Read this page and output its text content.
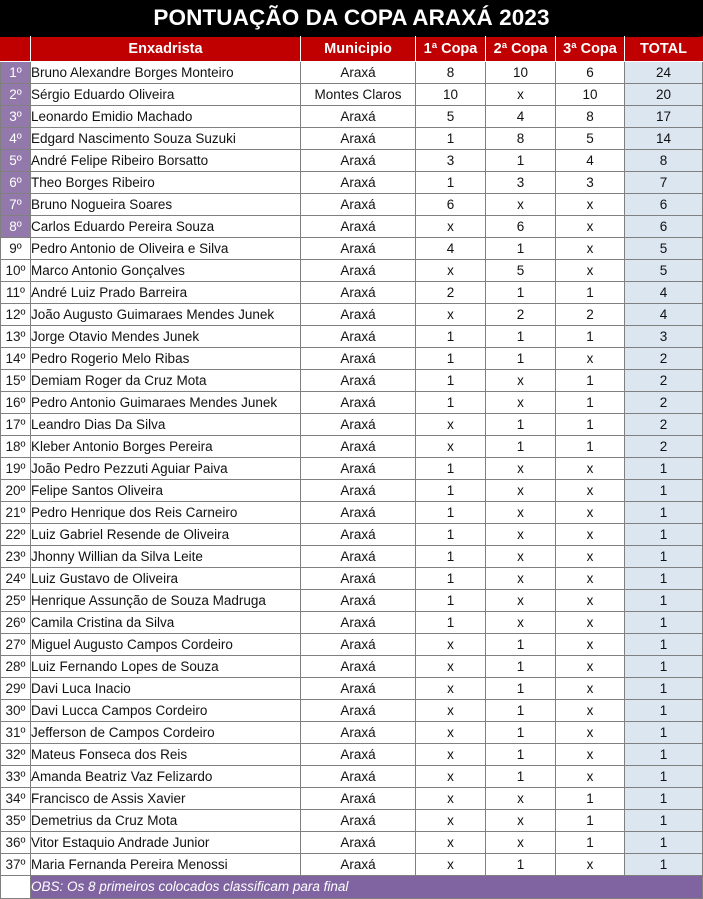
PONTUAÇÃO DA COPA ARAXÁ 2023
	Enxadrista	Municipio	1ª Copa	2ª Copa	3ª Copa	TOTAL
1º	Bruno Alexandre Borges Monteiro	Araxá	8	10	6	24
2º	Sérgio Eduardo Oliveira	Montes Claros	10	x	10	20
3º	Leonardo Emidio Machado	Araxá	5	4	8	17
4º	Edgard Nascimento Souza Suzuki	Araxá	1	8	5	14
5º	André Felipe Ribeiro Borsatto	Araxá	3	1	4	8
6º	Theo Borges Ribeiro	Araxá	1	3	3	7
7º	Bruno Nogueira Soares	Araxá	6	x	x	6
8º	Carlos Eduardo Pereira Souza	Araxá	x	6	x	6
9º	Pedro Antonio de Oliveira e Silva	Araxá	4	1	x	5
10º	Marco Antonio Gonçalves	Araxá	x	5	x	5
11º	André Luiz Prado Barreira	Araxá	2	1	1	4
12º	João Augusto Guimaraes Mendes Junek	Araxá	x	2	2	4
13º	Jorge Otavio Mendes Junek	Araxá	1	1	1	3
14º	Pedro Rogerio Melo Ribas	Araxá	1	1	x	2
15º	Demiam Roger da Cruz Mota	Araxá	1	x	1	2
16º	Pedro Antonio Guimaraes Mendes Junek	Araxá	1	x	1	2
17º	Leandro Dias Da Silva	Araxá	x	1	1	2
18º	Kleber Antonio Borges Pereira	Araxá	x	1	1	2
19º	João Pedro Pezzuti Aguiar Paiva	Araxá	1	x	x	1
20º	Felipe Santos Oliveira	Araxá	1	x	x	1
21º	Pedro Henrique dos Reis Carneiro	Araxá	1	x	x	1
22º	Luiz Gabriel Resende de Oliveira	Araxá	1	x	x	1
23º	Jhonny Willian da Silva Leite	Araxá	1	x	x	1
24º	Luiz Gustavo de Oliveira	Araxá	1	x	x	1
25º	Henrique Assunção de Souza Madruga	Araxá	1	x	x	1
26º	Camila Cristina da Silva	Araxá	1	x	x	1
27º	Miguel Augusto Campos Cordeiro	Araxá	x	1	x	1
28º	Luiz Fernando Lopes de Souza	Araxá	x	1	x	1
29º	Davi Luca Inacio	Araxá	x	1	x	1
30º	Davi Lucca Campos Cordeiro	Araxá	x	1	x	1
31º	Jefferson de Campos Cordeiro	Araxá	x	1	x	1
32º	Mateus Fonseca dos Reis	Araxá	x	1	x	1
33º	Amanda Beatriz Vaz Felizardo	Araxá	x	1	x	1
34º	Francisco de Assis Xavier	Araxá	x	x	1	1
35º	Demetrius da Cruz Mota	Araxá	x	x	1	1
36º	Vitor Estaquio Andrade Junior	Araxá	x	x	1	1
37º	Maria Fernanda Pereira Menossi	Araxá	x	1	x	1
	OBS: Os 8 primeiros colocados classificam para final					
